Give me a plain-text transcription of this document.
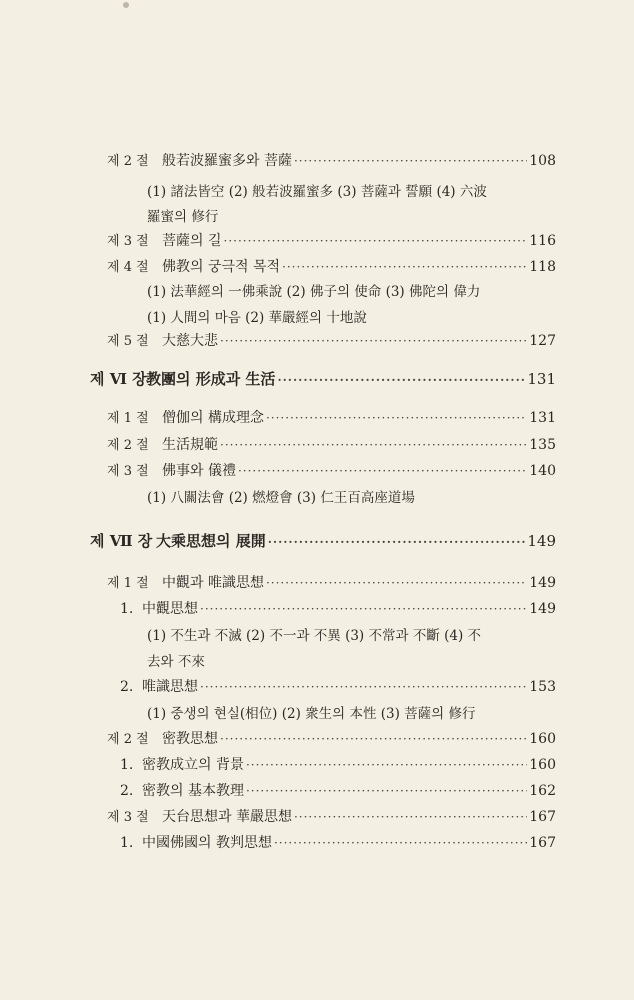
제 2 절 般若波羅蜜多와 菩薩 ·····	108
(1) 諸法皆空 (2) 般若波羅蜜多 (3) 菩薩과 誓願 (4) 六波
羅蜜의 修行
제 3 절 菩薩의 길 ·····	116
제 4 절 佛教의 궁극적 목적 ·····	118
(1) 法華經의 一佛乘說 (2) 佛子의 使命 (3) 佛陀의 偉力
(1) 人間의 마음 (2) 華嚴經의 十地說
제 5 절 大慈大悲 ·····	127
제 Ⅵ 장 教團의 形成과 生活 ·····	131
제 1 절 僧伽의 構成理念 ·····	131
제 2 절 生活規範 ·····	135
제 3 절 佛事와 儀禮 ·····	140
(1) 八關法會 (2) 燃燈會 (3) 仁王百高座道場
제 Ⅶ 장 大乘思想의 展開 ·····	149
제 1 절 中觀과 唯識思想 ·····	149
1. 中觀思想 ·····	149
(1) 不生과 不滅 (2) 不一과 不異 (3) 不常과 不斷 (4) 不
去와 不來
2. 唯識思想 ·····	153
(1) 중생의 현실(相位) (2) 衆生의 本性 (3) 菩薩의 修行
제 2 절 密教思想 ·····	160
1. 密教成立의 背景 ·····	160
2. 密教의 基本教理 ·····	162
제 3 절 天台思想과 華嚴思想 ·····	167
1. 中國佛國의 教判思想 ·····	167
